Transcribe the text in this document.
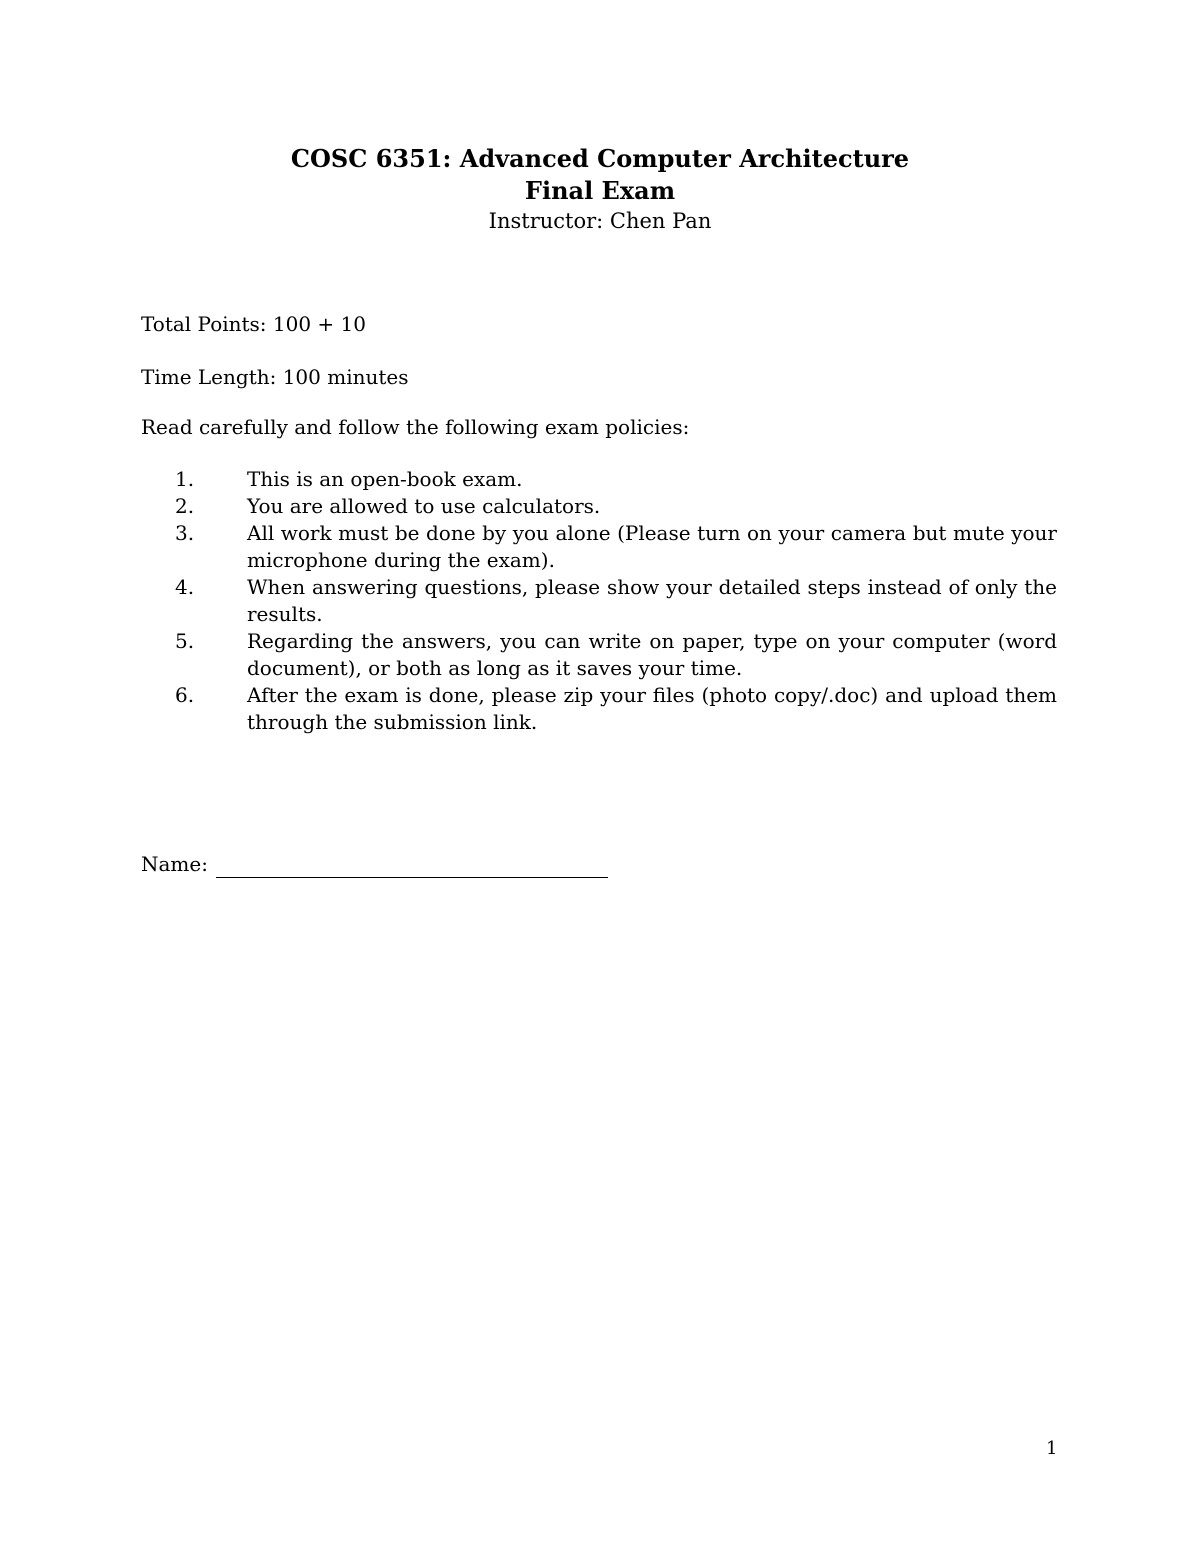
COSC 6351: Advanced Computer Architecture
Final Exam
Instructor: Chen Pan
Total Points: 100 + 10
Time Length: 100 minutes
Read carefully and follow the following exam policies:
1.	This is an open-book exam.
2.	You are allowed to use calculators.
3.	All work must be done by you alone (Please turn on your camera but mute your microphone during the exam).
4.	When answering questions, please show your detailed steps instead of only the results.
5.	Regarding the answers, you can write on paper, type on your computer (word document), or both as long as it saves your time.
6.	After the exam is done, please zip your files (photo copy/.doc) and upload them through the submission link.
Name:
1
